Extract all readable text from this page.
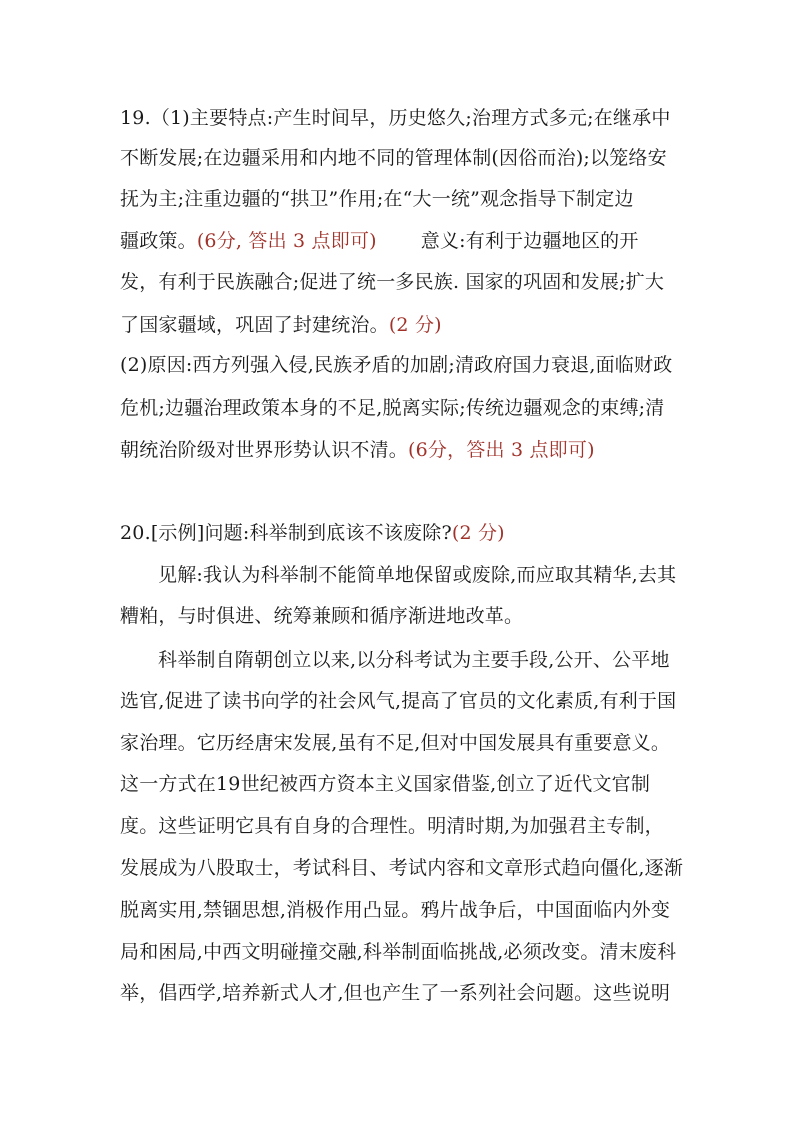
19.（1)主要特点:产生时间早，历史悠久;治理方式多元;在继承中
不断发展;在边疆采用和内地不同的管理体制(因俗而治);以笼络安
抚为主;注重边疆的“拱卫”作用;在“大一统”观念指导下制定边
疆政策。(6分, 答出 3 点即可) 意义:有利于边疆地区的开
发，有利于民族融合;促进了统一多民族. 国家的巩固和发展;扩大
了国家疆域，巩固了封建统治。(2 分)
(2)原因:西方列强入侵,民族矛盾的加剧;清政府国力衰退,面临财政
危机;边疆治理政策本身的不足,脱离实际;传统边疆观念的束缚;清
朝统治阶级对世界形势认识不清。(6分，答出 3 点即可)
20.[示例]问题:科举制到底该不该废除?(2 分)
见解:我认为科举制不能简单地保留或废除,而应取其精华,去其
糟粕，与时俱进、统筹兼顾和循序渐进地改革。
科举制自隋朝创立以来,以分科考试为主要手段,公开、公平地
选官,促进了读书向学的社会风气,提高了官员的文化素质,有利于国
家治理。它历经唐宋发展,虽有不足,但对中国发展具有重要意义。
这一方式在19世纪被西方资本主义国家借鉴,创立了近代文官制
度。这些证明它具有自身的合理性。明清时期,为加强君主专制，
发展成为八股取士，考试科目、考试内容和文章形式趋向僵化,逐渐
脱离实用,禁锢思想,消极作用凸显。鸦片战争后，中国面临内外变
局和困局,中西文明碰撞交融,科举制面临挑战,必须改变。清末废科
举，倡西学,培养新式人才,但也产生了一系列社会问题。这些说明
